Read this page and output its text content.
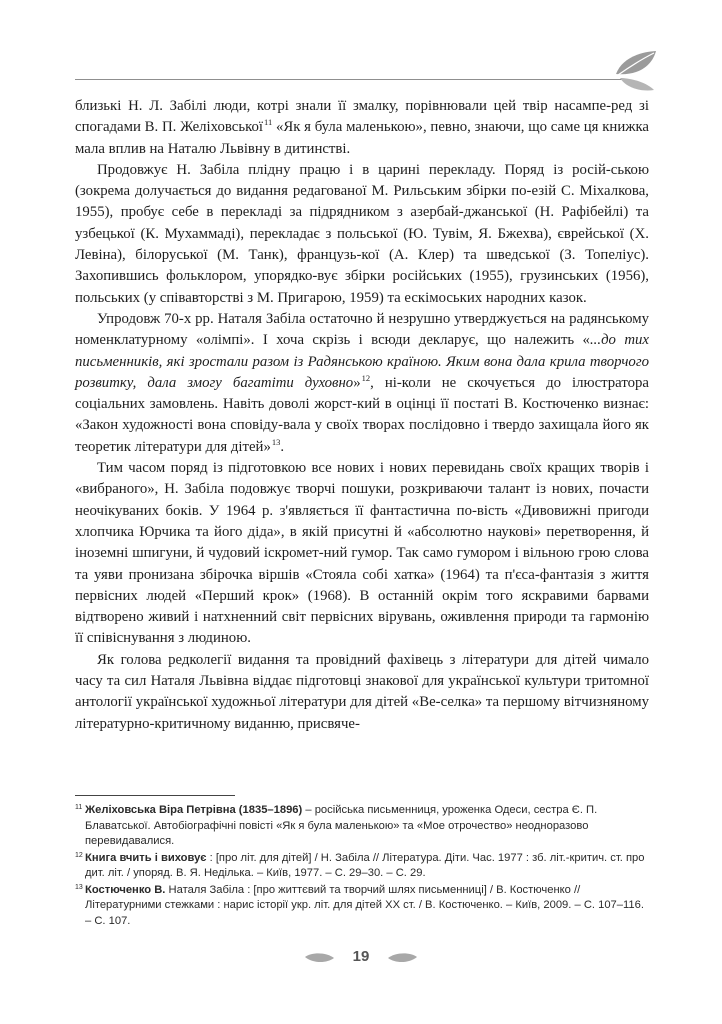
близькі Н. Л. Забілі люди, котрі знали її змалку, порівнювали цей твір насампе-ред зі спогадами В. П. Желіховської$^{11}$ «Як я була маленькою», певно, знаючи, що саме ця книжка мала вплив на Наталю Львівну в дитинстві.

Продовжує Н. Забіла плідну працю і в царині перекладу. Поряд із росій-ською (зокрема долучається до видання редагованої М. Рильським збірки по-езій С. Міхалкова, 1955), пробує себе в перекладі за підрядником з азербай-джанської (Н. Рафібейлі) та узбецької (К. Мухаммаді), перекладає з польської (Ю. Тувім, Я. Бжехва), єврейської (Х. Левіна), білоруської (М. Танк), французь-кої (А. Клер) та шведської (З. Топеліус). Захопившись фольклором, упорядко-вує збірки російських (1955), грузинських (1956), польських (у співавторстві з М. Пригарою, 1959) та ескімоських народних казок.

Упродовж 70-х рр. Наталя Забіла остаточно й незрушно утверджується на радянському номенклатурному «олімпі». І хоча скрізь і всюди декларує, що належить «...до тих письменників, які зростали разом із Радянською країною. Яким вона дала крила творчого розвитку, дала змогу багатіти духовно»$^{12}$, ні-коли не скочується до ілюстратора соціальних замовлень. Навіть доволі жорст-кий в оцінці її постаті В. Костюченко визнає: «Закон художності вона сповіду-вала у своїх творах послідовно і твердо захищала його як теоретик літератури для дітей»$^{13}$.

Тим часом поряд із підготовкою все нових і нових перевидань своїх кращих творів і «вибраного», Н. Забіла подовжує творчі пошуки, розкриваючи талант із нових, почасти неочікуваних боків. У 1964 р. з'являється її фантастична по-вість «Дивовижні пригоди хлопчика Юрчика та його діда», в якій присутні й «абсолютно наукові» перетворення, й іноземні шпигуни, й чудовий іскромет-ний гумор. Так само гумором і вільною грою слова та уяви пронизана збірочка віршів «Стояла собі хатка» (1964) та п'єса-фантазія з життя первісних людей «Перший крок» (1968). В останній окрім того яскравими барвами відтворено живий і натхненний світ первісних вірувань, оживлення природи та гармонію її співіснування з людиною.

Як голова редколегії видання та провідний фахівець з літератури для дітей чимало часу та сил Наталя Львівна віддає підготовці знакової для української культури тритомної антології української художньої літератури для дітей «Ве-селка» та першому вітчизняному літературно-критичному виданню, присвяче-

11 Желіховська Віра Петрівна (1835–1896) – російська письменниця, уроженка Одеси, сестра Є. П. Блаватської. Автобіографічні повісті «Як я була маленькою» та «Мое отрочество» неодноразово перевидавалися.
12 Книга вчить і виховує : [про літ. для дітей] / Н. Забіла // Література. Діти. Час. 1977 : зб. літ.-критич. ст. про дит. літ. / упоряд. В. Я. Неділька. – Київ, 1977. – С. 29–30. – С. 29.
13 Костюченко В. Наталя Забіла : [про життєвий та творчий шлях письменниці] / В. Костюченко // Літературними стежками : нарис історії укр. літ. для дітей ХХ ст. / В. Костюченко. – Київ, 2009. – С. 107–116. – С. 107.
19
